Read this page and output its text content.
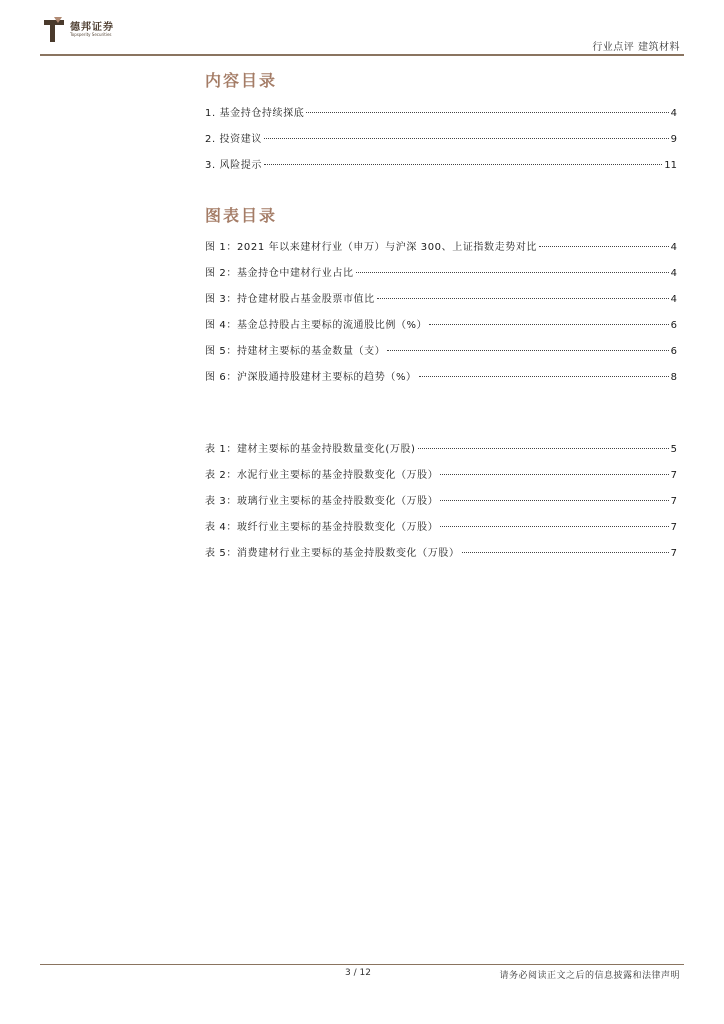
德邦证券
Topsperity Securities
行业点评 建筑材料
内容目录
1. 基金持仓持续探底	4
2. 投资建议	9
3. 风险提示	11
图表目录
图 1：2021 年以来建材行业（申万）与沪深 300、上证指数走势对比	4
图 2：基金持仓中建材行业占比	4
图 3：持仓建材股占基金股票市值比	4
图 4：基金总持股占主要标的流通股比例（%）	6
图 5：持建材主要标的基金数量（支）	6
图 6：沪深股通持股建材主要标的趋势（%）	8
表 1：建材主要标的基金持股数量变化(万股)	5
表 2：水泥行业主要标的基金持股数变化（万股）	7
表 3：玻璃行业主要标的基金持股数变化（万股）	7
表 4：玻纤行业主要标的基金持股数变化（万股）	7
表 5：消费建材行业主要标的基金持股数变化（万股）	7
3 / 12	请务必阅读正文之后的信息披露和法律声明
